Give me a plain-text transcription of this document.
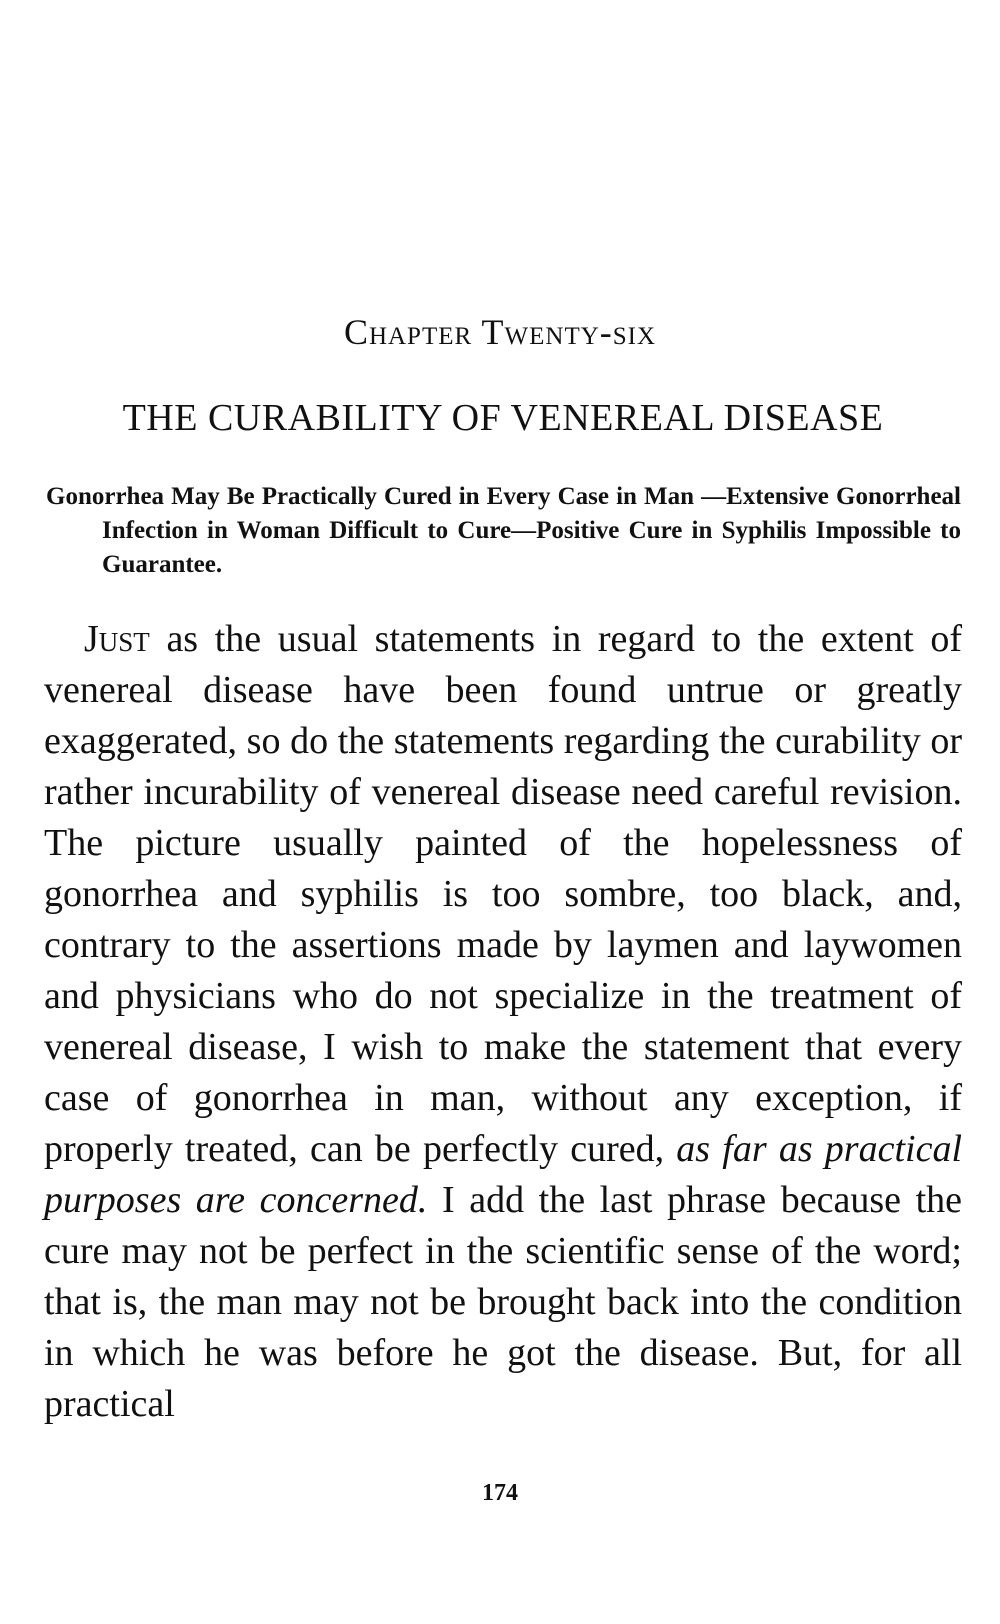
Chapter Twenty-six
THE CURABILITY OF VENEREAL DISEASE
Gonorrhea May Be Practically Cured in Every Case in Man —Extensive Gonorrheal Infection in Woman Difficult to Cure—Positive Cure in Syphilis Impossible to Guarantee.

Just as the usual statements in regard to the extent of venereal disease have been found untrue or greatly exaggerated, so do the statements regarding the curability or rather incurability of venereal disease need careful revision. The picture usually painted of the hopelessness of gonorrhea and syphilis is too sombre, too black, and, contrary to the assertions made by laymen and laywomen and physicians who do not specialize in the treatment of venereal disease, I wish to make the statement that every case of gonorrhea in man, without any exception, if properly treated, can be perfectly cured, as far as practical purposes are concerned. I add the last phrase because the cure may not be perfect in the scientific sense of the word; that is, the man may not be brought back into the condition in which he was before he got the disease. But, for all practical

174
